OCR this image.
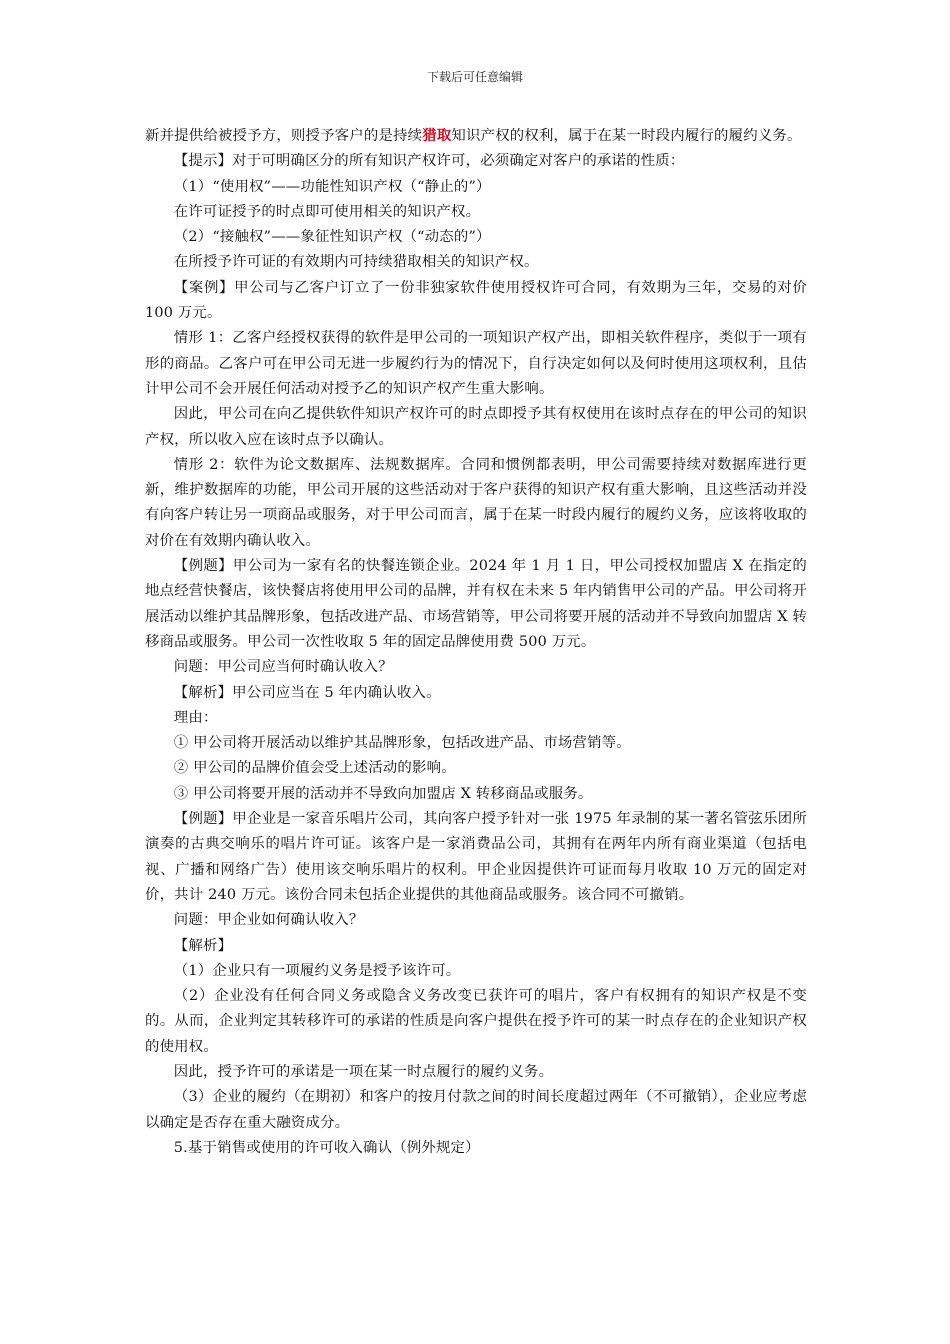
下载后可任意编辑

新并提供给被授予方，则授予客户的是持续猎取知识产权的权利，属于在某一时段内履行的履约义务。

【提示】对于可明确区分的所有知识产权许可，必须确定对客户的承诺的性质：

（1）“使用权”——功能性知识产权（“静止的”）

在许可证授予的时点即可使用相关的知识产权。

（2）“接触权”——象征性知识产权（“动态的”）

在所授予许可证的有效期内可持续猎取相关的知识产权。

【案例】甲公司与乙客户订立了一份非独家软件使用授权许可合同，有效期为三年，交易的对价 100 万元。

情形 1：乙客户经授权获得的软件是甲公司的一项知识产权产出，即相关软件程序，类似于一项有形的商品。乙客户可在甲公司无进一步履约行为的情况下，自行决定如何以及何时使用这项权利，且估计甲公司不会开展任何活动对授予乙的知识产权产生重大影响。

因此，甲公司在向乙提供软件知识产权许可的时点即授予其有权使用在该时点存在的甲公司的知识产权，所以收入应在该时点予以确认。

情形 2：软件为论文数据库、法规数据库。合同和惯例都表明，甲公司需要持续对数据库进行更新，维护数据库的功能，甲公司开展的这些活动对于客户获得的知识产权有重大影响，且这些活动并没有向客户转让另一项商品或服务，对于甲公司而言，属于在某一时段内履行的履约义务，应该将收取的对价在有效期内确认收入。

【例题】甲公司为一家有名的快餐连锁企业。2024 年 1 月 1 日，甲公司授权加盟店 X 在指定的地点经营快餐店，该快餐店将使用甲公司的品牌，并有权在未来 5 年内销售甲公司的产品。甲公司将开展活动以维护其品牌形象，包括改进产品、市场营销等，甲公司将要开展的活动并不导致向加盟店 X 转移商品或服务。甲公司一次性收取 5 年的固定品牌使用费 500 万元。

问题：甲公司应当何时确认收入？

【解析】甲公司应当在 5 年内确认收入。

理由：

① 甲公司将开展活动以维护其品牌形象，包括改进产品、市场营销等。

② 甲公司的品牌价值会受上述活动的影响。

③ 甲公司将要开展的活动并不导致向加盟店 X 转移商品或服务。

【例题】甲企业是一家音乐唱片公司，其向客户授予针对一张 1975 年录制的某一著名管弦乐团所演奏的古典交响乐的唱片许可证。该客户是一家消费品公司，其拥有在两年内所有商业渠道（包括电视、广播和网络广告）使用该交响乐唱片的权利。甲企业因提供许可证而每月收取 10 万元的固定对价，共计 240 万元。该份合同未包括企业提供的其他商品或服务。该合同不可撤销。

问题：甲企业如何确认收入？

【解析】

（1）企业只有一项履约义务是授予该许可。

（2）企业没有任何合同义务或隐含义务改变已获许可的唱片，客户有权拥有的知识产权是不变的。从而，企业判定其转移许可的承诺的性质是向客户提供在授予许可的某一时点存在的企业知识产权的使用权。

因此，授予许可的承诺是一项在某一时点履行的履约义务。

（3）企业的履约（在期初）和客户的按月付款之间的时间长度超过两年（不可撤销），企业应考虑以确定是否存在重大融资成分。

5.基于销售或使用的许可收入确认（例外规定）
